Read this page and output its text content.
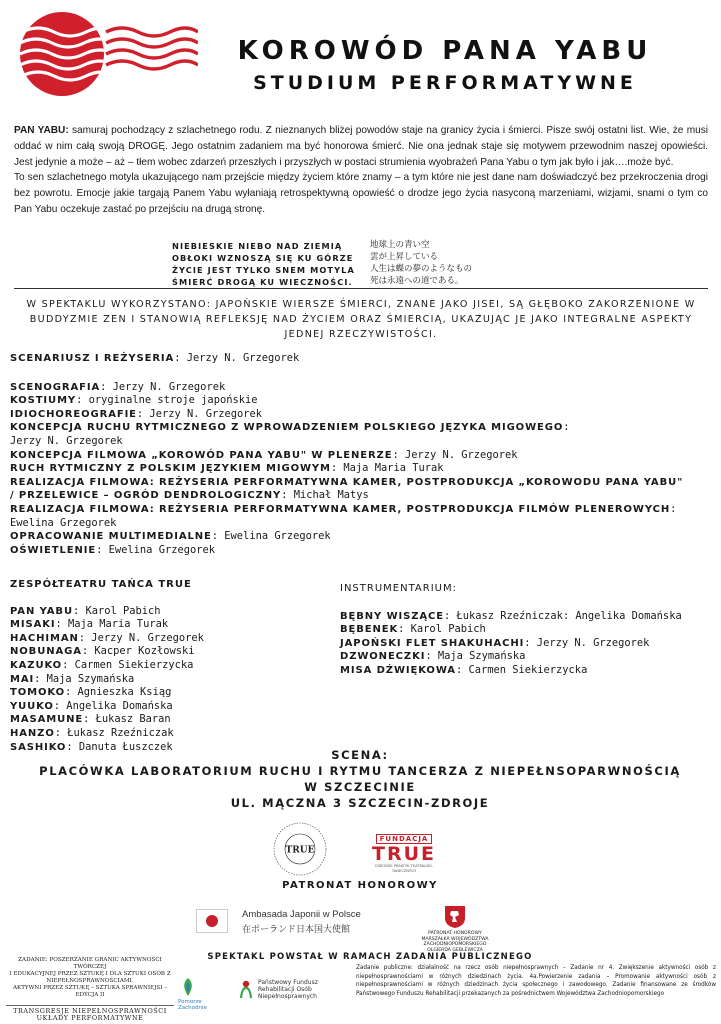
KOROWÓD PANA YABU
STUDIUM PERFORMATYWNE

PAN YABU: samuraj pochodzący z szlachetnego rodu. Z nieznanych bliżej powodów staje na granicy życia i śmierci. Pisze swój ostatni list. Wie, że musi oddać w nim całą swoją DROGĘ. Jego ostatnim zadaniem ma być honorowa śmierć. Nie ona jednak staje się motywem przewodnim naszej opowieści. Jest jedynie a może – aż – tłem wobec zdarzeń przeszłych i przyszłych w postaci strumienia wyobrażeń Pana Yabu o tym jak było i jak….może być.

To sen szlachetnego motyla ukazującego nam przejście między życiem które znamy – a tym które nie jest dane nam doświadczyć bez przekroczenia drogi bez powrotu. Emocje jakie targają Panem Yabu wyłaniają retrospektywną opowieść o drodze jego życia nasyconą marzeniami, wizjami, snami o tym co Pan Yabu oczekuje zastać po przejściu na drugą stronę.

NIEBIESKIE NIEBO NAD ZIEMIĄ
OBŁOKI WZNOSZĄ SIĘ KU GÓRZE
ŻYCIE JEST TYLKO SNEM MOTYLA
ŚMIERĆ DROGĄ KU WIECZNOŚCI.
地球上の青い空
雲が上昇している
人生は蝶の夢のようなもの
死は永遠への道である。
W SPEKTAKLU WYKORZYSTANO: JAPOŃSKIE WIERSZE ŚMIERCI, ZNANE JAKO JISEI, SĄ GŁĘBOKO ZAKORZENIONE W BUDDYZMIE ZEN I STANOWIĄ REFLEKSJĘ NAD ŻYCIEM ORAZ ŚMIERCIĄ, UKAZUJĄC JE JAKO INTEGRALNE ASPEKTY JEDNEJ RZECZYWISTOŚCI.
SCENARIUSZ I REŻYSERIA: Jerzy N. Grzegorek
SCENOGRAFIA: Jerzy N. Grzegorek
KOSTIUMY: oryginalne stroje japońskie
IDIOCHOREOGRAFIE: Jerzy N. Grzegorek
KONCEPCJA RUCHU RYTMICZNEGO Z WPROWADZENIEM POLSKIEGO JĘZYKA MIGOWEGO:
Jerzy N. Grzegorek
KONCEPCJA FILMOWA „KOROWÓD PANA YABU" W PLENERZE: Jerzy N. Grzegorek
RUCH RYTMICZNY Z POLSKIM JĘZYKIEM MIGOWYM: Maja Maria Turak
REALIZACJA FILMOWA: REŻYSERIA PERFORMATYWNA KAMER, POSTPRODUKCJA „KOROWODU PANA YABU"
/ PRZELEWICE – OGRÓD DENDROLOGICZNY: Michał Matys
REALIZACJA FILMOWA: REŻYSERIA PERFORMATYWNA KAMER, POSTPRODUKCJA FILMÓW PLENEROWYCH:
Ewelina Grzegorek
OPRACOWANIE MULTIMEDIALNE: Ewelina Grzegorek
OŚWIETLENIE: Ewelina Grzegorek
ZESPÓŁTEATRU TAŃCA TRUE
PAN YABU: Karol Pabich
MISAKI: Maja Maria Turak
HACHIMAN: Jerzy N. Grzegorek
NOBUNAGA: Kacper Kozłowski
KAZUKO: Carmen Siekierzycka
MAI: Maja Szymańska
TOMOKO: Agnieszka Ksiąg
YUUKO: Angelika Domańska
MASAMUNE: Łukasz Baran
HANZO: Łukasz Rzeźniczak
SASHIKO: Danuta Łuszczek
INSTRUMENTARIUM:
BĘBNY WISZĄCE: Łukasz Rzeźniczak: Angelika Domańska
BĘBENEK: Karol Pabich
JAPOŃSKI FLET SHAKUHACHI: Jerzy N. Grzegorek
DZWONECZKI: Maja Szymańska
MISA DŹWIĘKOWA: Carmen Siekierzycka
SCENA:
PLACÓWKA LABORATORIUM RUCHU I RYTMU TANCERZA Z NIEPEŁNSOPARWNOŚCIĄ
W SZCZECINIE
UL. MĄCZNA 3 SZCZECIN-ZDROJE
TRUE
FUNDACJA
TRUE
OŚRODEK PRAKTYK TEATRALNO-TANECZNYCH
PATRONAT HONOROWY
Ambasada Japonii w Polsce
在ポーランド日本国大使館	PATRONAT HONOROWY
MARSZAŁKA WOJEWÓDZTWA
ZACHODNIOPOMORSKIEGO
OLGIERDA GEBLEWICZA
SPEKTAKL POWSTAŁ W RAMACH ZADANIA PUBLICZNEGO
ZADANIE: POSZERZANIE GRANIC AKTYWNOŚCI TWÓRCZEJ
I EDUKACYJNEJ PRZEZ SZTUKĘ I DLA SZTUKI OSÓB Z
NIEPEŁNOSPRAWNOŚCIAMI.
AKTYWNI PRZEZ SZTUKĘ – SZTUKA SPRAWNIEJSI –
EDYCJA II
TRANSGRESJE NIEPEŁNOSPRAWNOŚCI UKŁADY PERFORMATYWNE
Pomorze Zachodnie
Państwowy Fundusz
Rehabilitacji Osób
Niepełnosprawnych
Zadanie publiczne: działalność na rzecz osób niepełnosprawnych – Zadanie nr 4. Zwiększenie aktywności osób z niepełnosprawnościami w różnych dziedzinach życia. 4a.Powierzenie zadania – Promowanie aktywności osób z niepełnosprawnościami w różnych dziedzinach życia społecznego i zawodowego. Zadanie finansowane ze środków Państwowego Funduszu Rehabilitacji przekazanych za pośrednictwem Województwa Zachodniopomorskiego
